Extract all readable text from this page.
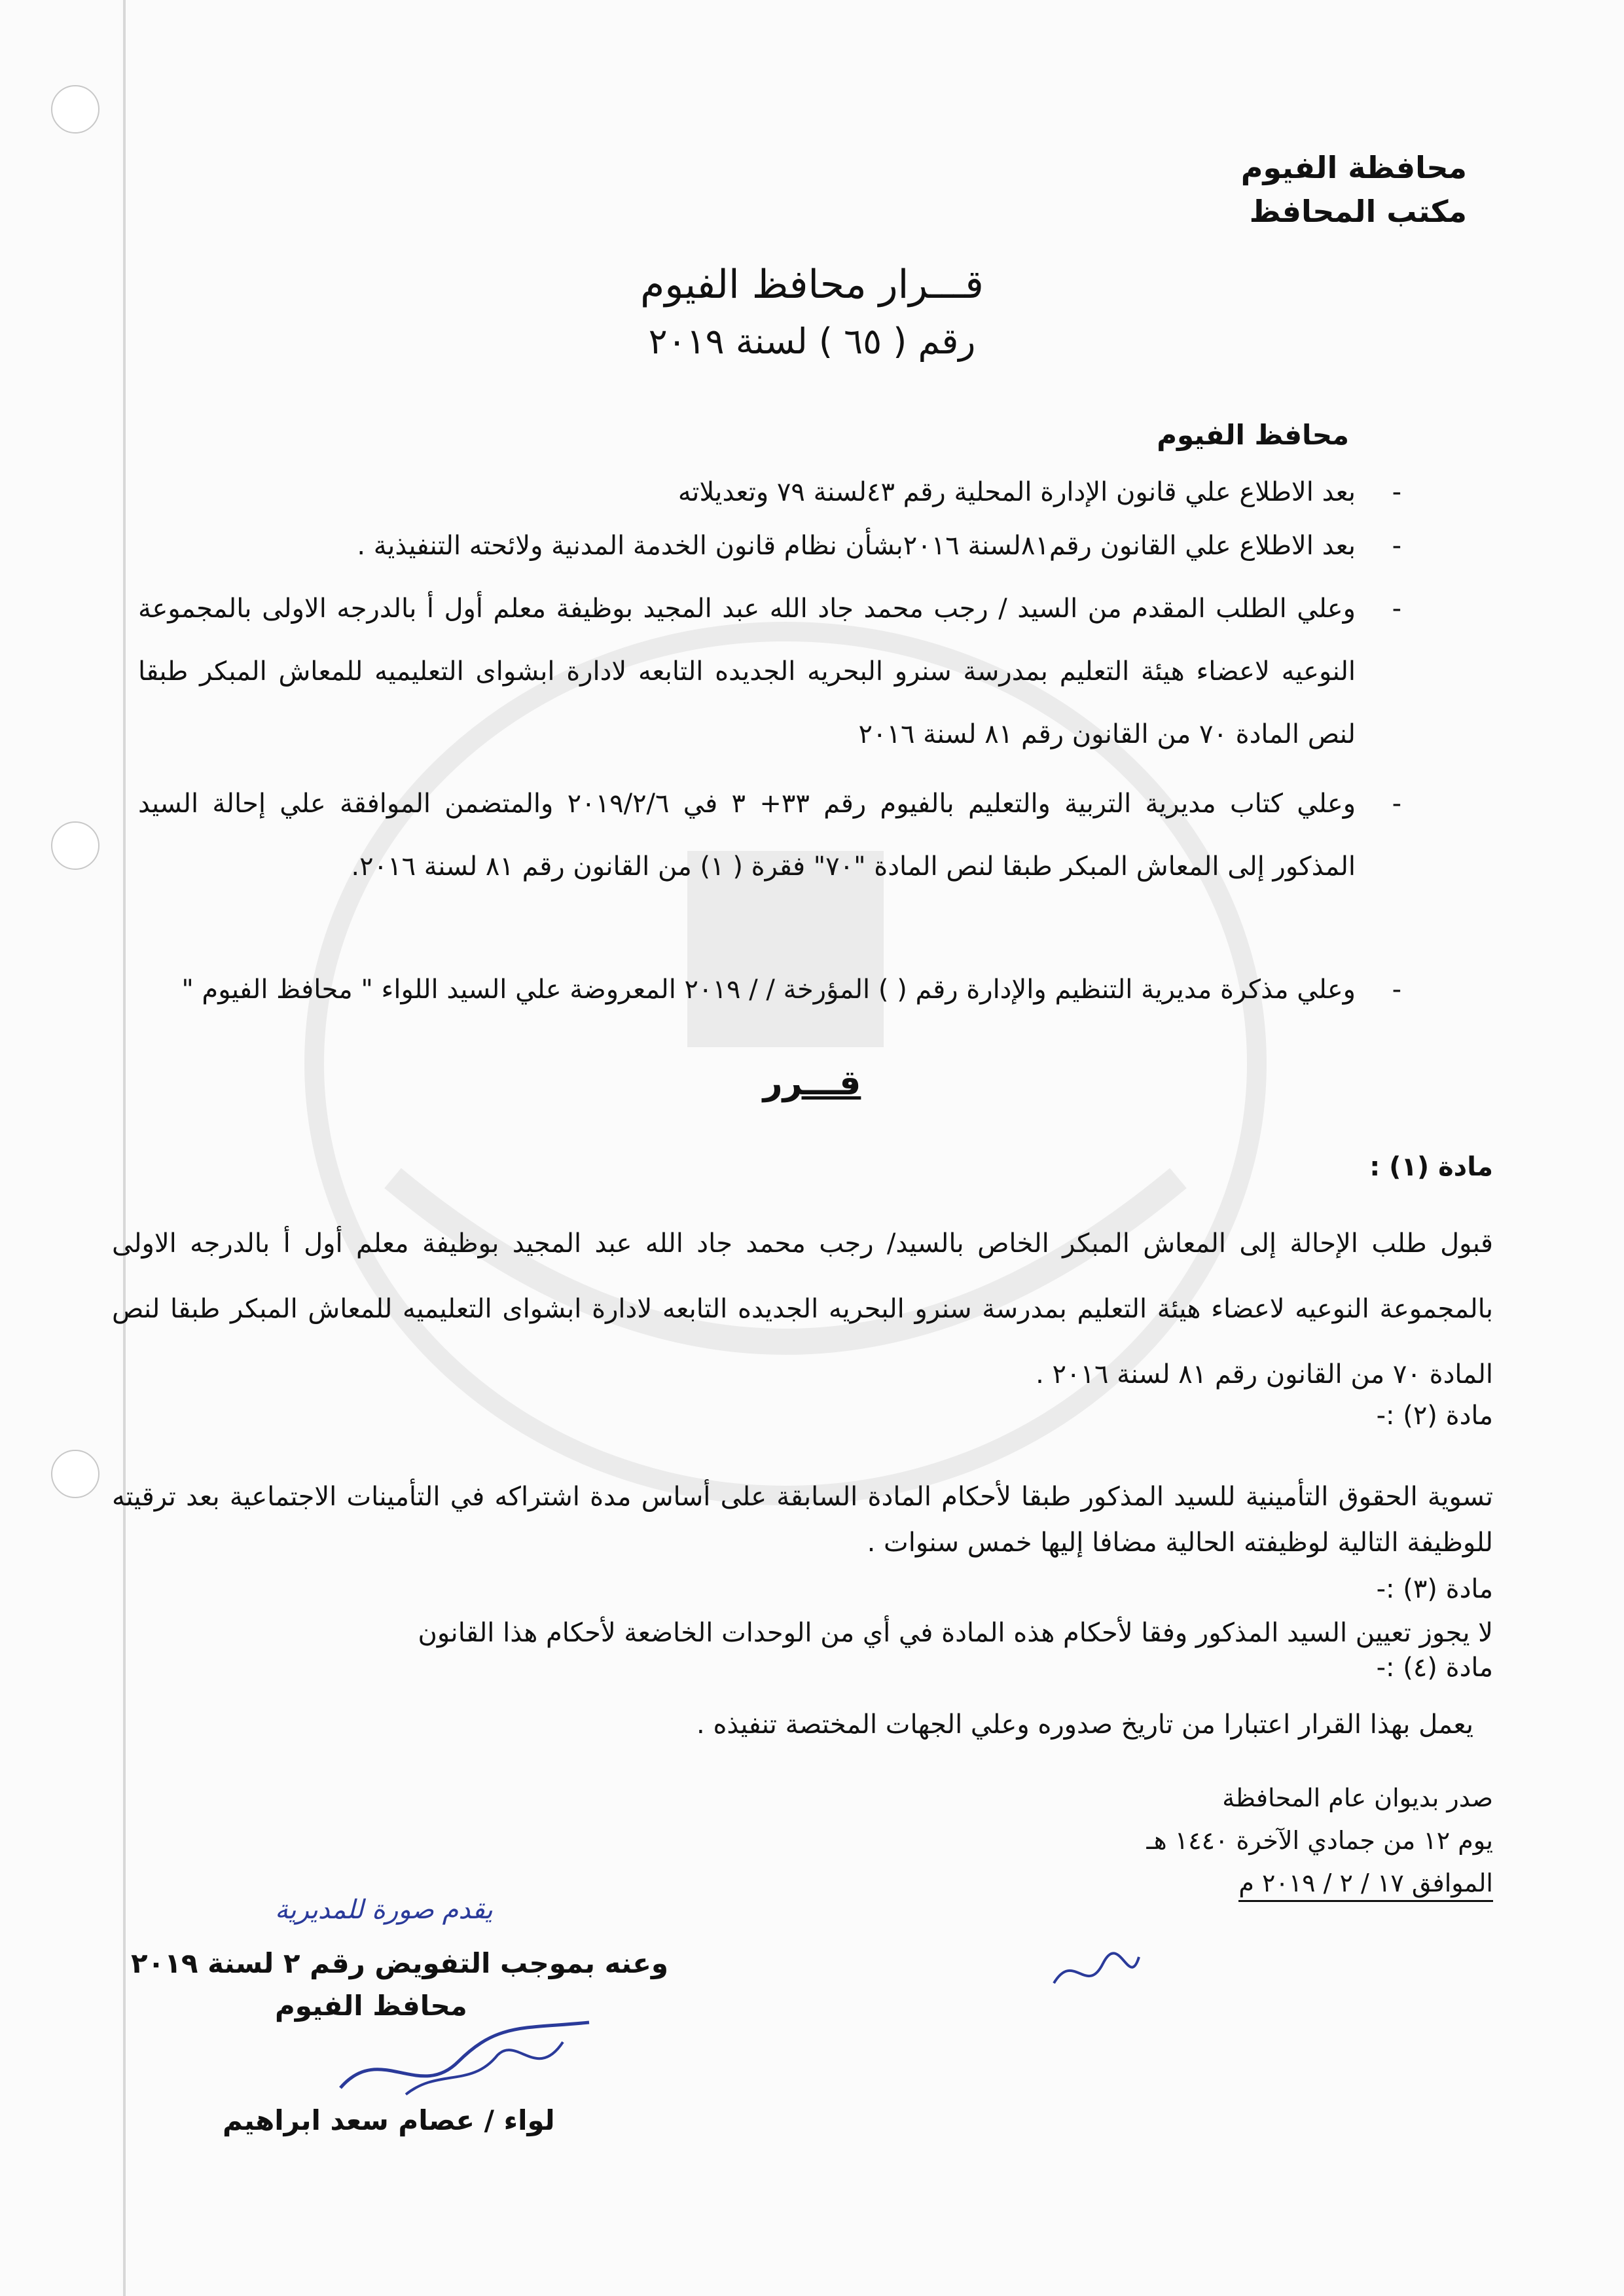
محافظة الفيوم
مكتب المحافظ
قـــرار محافظ الفيوم
رقم ( ٦٥ ) لسنة ٢٠١٩
محافظ الفيوم
-
بعد الاطلاع علي قانون الإدارة المحلية رقم ٤٣لسنة ٧٩ وتعديلاته
-
بعد الاطلاع علي القانون رقم٨١لسنة ٢٠١٦بشأن نظام قانون الخدمة المدنية ولائحته التنفيذية .
-
وعلي الطلب المقدم من السيد / رجب محمد جاد الله عبد المجيد بوظيفة معلم أول أ بالدرجه الاولى بالمجموعة النوعيه لاعضاء هيئة التعليم بمدرسة سنرو البحريه الجديده التابعه لادارة ابشواى التعليميه للمعاش المبكر طبقا لنص المادة ٧٠ من القانون رقم ٨١ لسنة ٢٠١٦
-
وعلي كتاب مديرية التربية والتعليم بالفيوم رقم ٣٣+ ٣ في ٢٠١٩/٢/٦ والمتضمن الموافقة علي إحالة السيد المذكور إلى المعاش المبكر طبقا لنص المادة "٧٠" فقرة ( ١) من القانون رقم ٨١ لسنة ٢٠١٦.
-
وعلي مذكرة مديرية التنظيم والإدارة رقم ( ) المؤرخة / / ٢٠١٩ المعروضة علي السيد اللواء " محافظ الفيوم "
قـــرر
مادة (١) :
قبول طلب الإحالة إلى المعاش المبكر الخاص بالسيد/ رجب محمد جاد الله عبد المجيد بوظيفة معلم أول أ بالدرجه الاولى بالمجموعة النوعيه لاعضاء هيئة التعليم بمدرسة سنرو البحريه الجديده التابعه لادارة ابشواى التعليميه للمعاش المبكر طبقا لنص المادة ٧٠ من القانون رقم ٨١ لسنة ٢٠١٦ .
مادة (٢) :-
تسوية الحقوق التأمينية للسيد المذكور طبقا لأحكام المادة السابقة على أساس مدة اشتراكه في التأمينات الاجتماعية بعد ترقيته للوظيفة التالية لوظيفته الحالية مضافا إليها خمس سنوات .
مادة (٣) :-
لا يجوز تعيين السيد المذكور وفقا لأحكام هذه المادة في أي من الوحدات الخاضعة لأحكام هذا القانون
مادة (٤) :-
يعمل بهذا القرار اعتبارا من تاريخ صدوره وعلي الجهات المختصة تنفيذه .
صدر بديوان عام المحافظة
يوم ١٢ من جمادي الآخرة ١٤٤٠ هـ
الموافق ١٧ / ٢ / ٢٠١٩ م
يقدم صورة للمديرية
وعنه بموجب التفويض رقم ٢ لسنة ٢٠١٩
محافظ الفيوم
لواء / عصام سعد ابراهيم
